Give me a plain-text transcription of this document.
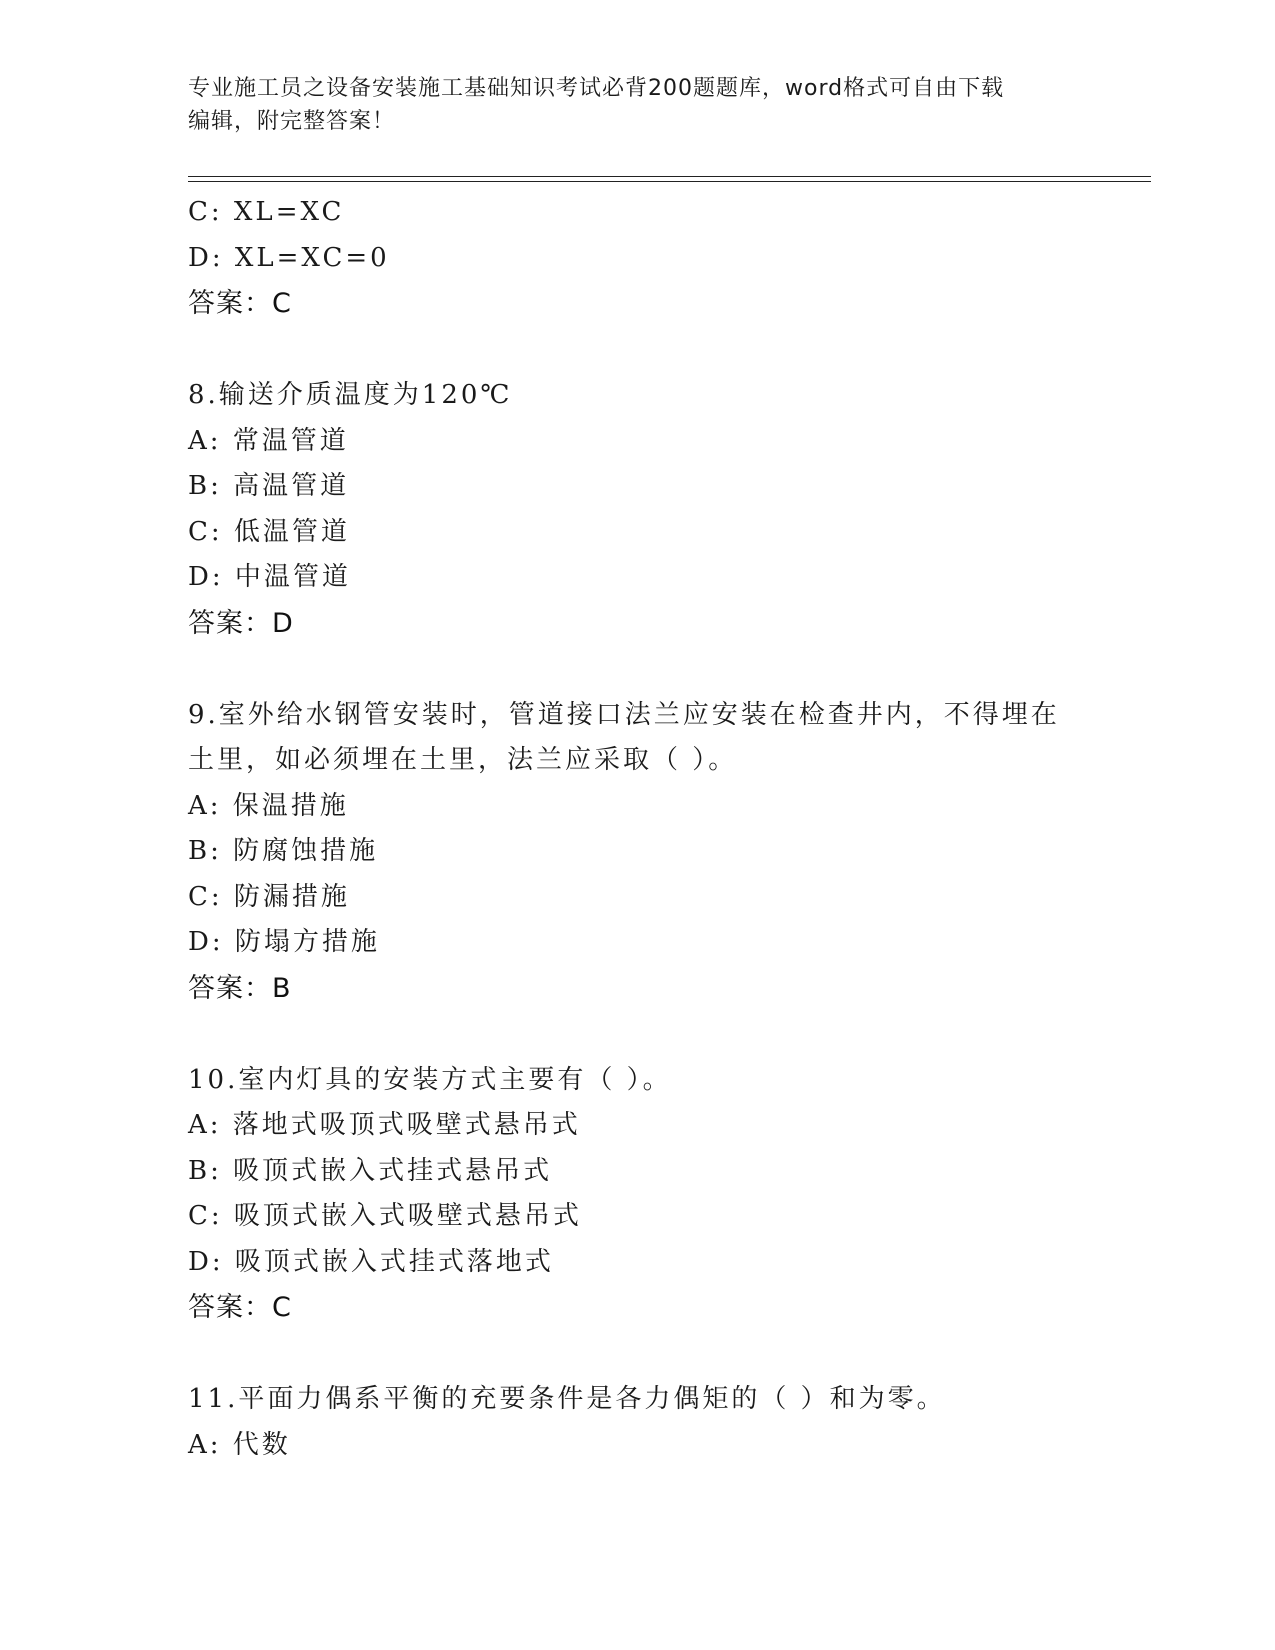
专业施工员之设备安装施工基础知识考试必背200题题库，word格式可自由下载
编辑，附完整答案！
C: XL=XC
D: XL=XC=0
答案：C
8.输送介质温度为120℃
A: 常温管道
B: 高温管道
C: 低温管道
D: 中温管道
答案：D
9.室外给水钢管安装时，管道接口法兰应安装在检查井内，不得埋在
土里，如必须埋在土里，法兰应采取（ ）。
A: 保温措施
B: 防腐蚀措施
C: 防漏措施
D: 防塌方措施
答案：B
10.室内灯具的安装方式主要有（ ）。
A: 落地式吸顶式吸壁式悬吊式
B: 吸顶式嵌入式挂式悬吊式
C: 吸顶式嵌入式吸壁式悬吊式
D: 吸顶式嵌入式挂式落地式
答案：C
11.平面力偶系平衡的充要条件是各力偶矩的（ ）和为零。
A: 代数
